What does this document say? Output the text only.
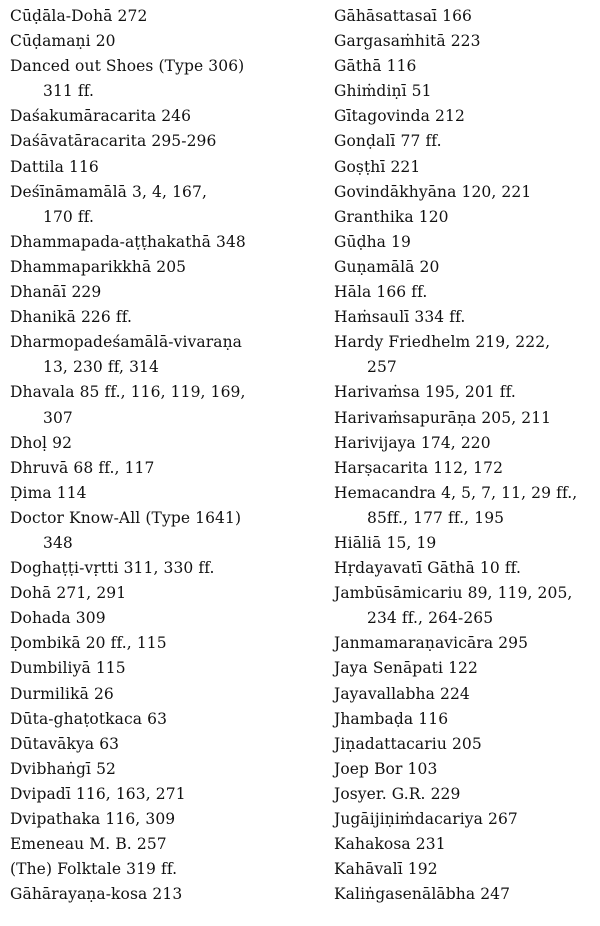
Cūḍāla-Dohā 272
Cūḍamaṇi 20
Danced out Shoes (Type 306)
311 ff.
Daśakumāracarita 246
Daśāvatāracarita 295-296
Dattila 116
Deśīnāmamālā 3, 4, 167,
170 ff.
Dhammapada-aṭṭhakathā 348
Dhammaparikkhā 205
Dhanāī 229
Dhanikā 226 ff.
Dharmopadeśamālā-vivaraṇa
13, 230 ff, 314
Dhavala 85 ff., 116, 119, 169,
307
Dhoḷ 92
Dhruvā 68 ff., 117
Ḍima 114
Doctor Know-All (Type 1641)
348
Doghaṭṭi-vṛtti 311, 330 ff.
Dohā 271, 291
Dohada 309
Ḍombikā 20 ff., 115
Dumbiliyā 115
Durmilikā 26
Dūta-ghaṭotkaca 63
Dūtavākya 63
Dvibhaṅgī 52
Dvipadī 116, 163, 271
Dvipathaka 116, 309
Emeneau M. B. 257
(The) Folktale 319 ff.
Gāhārayaṇa-kosa 213
Gāhāsattasaī 166
Gargasaṁhitā 223
Gāthā 116
Ghiṁdiṇī 51
Gītagovinda 212
Gonḍalī 77 ff.
Goṣṭhī 221
Govindākhyāna 120, 221
Granthika 120
Gūḍha 19
Guṇamālā 20
Hāla 166 ff.
Haṁsaulī 334 ff.
Hardy Friedhelm 219, 222,
257
Harivaṁsa 195, 201 ff.
Harivaṁsapurāṇa 205, 211
Harivijaya 174, 220
Harṣacarita 112, 172
Hemacandra 4, 5, 7, 11, 29 ff.,
85ff., 177 ff., 195
Hiāliā 15, 19
Hṛdayavatī Gāthā 10 ff.
Jambūsāmicariu 89, 119, 205,
234 ff., 264-265
Janmamaraṇavicāra 295
Jaya Senāpati 122
Jayavallabha 224
Jhambaḍa 116
Jiṇadattacariu 205
Joep Bor 103
Josyer. G.R. 229
Jugāijiṇiṁdacariya 267
Kahakosa 231
Kahāvalī 192
Kaliṅgasenālābha 247
